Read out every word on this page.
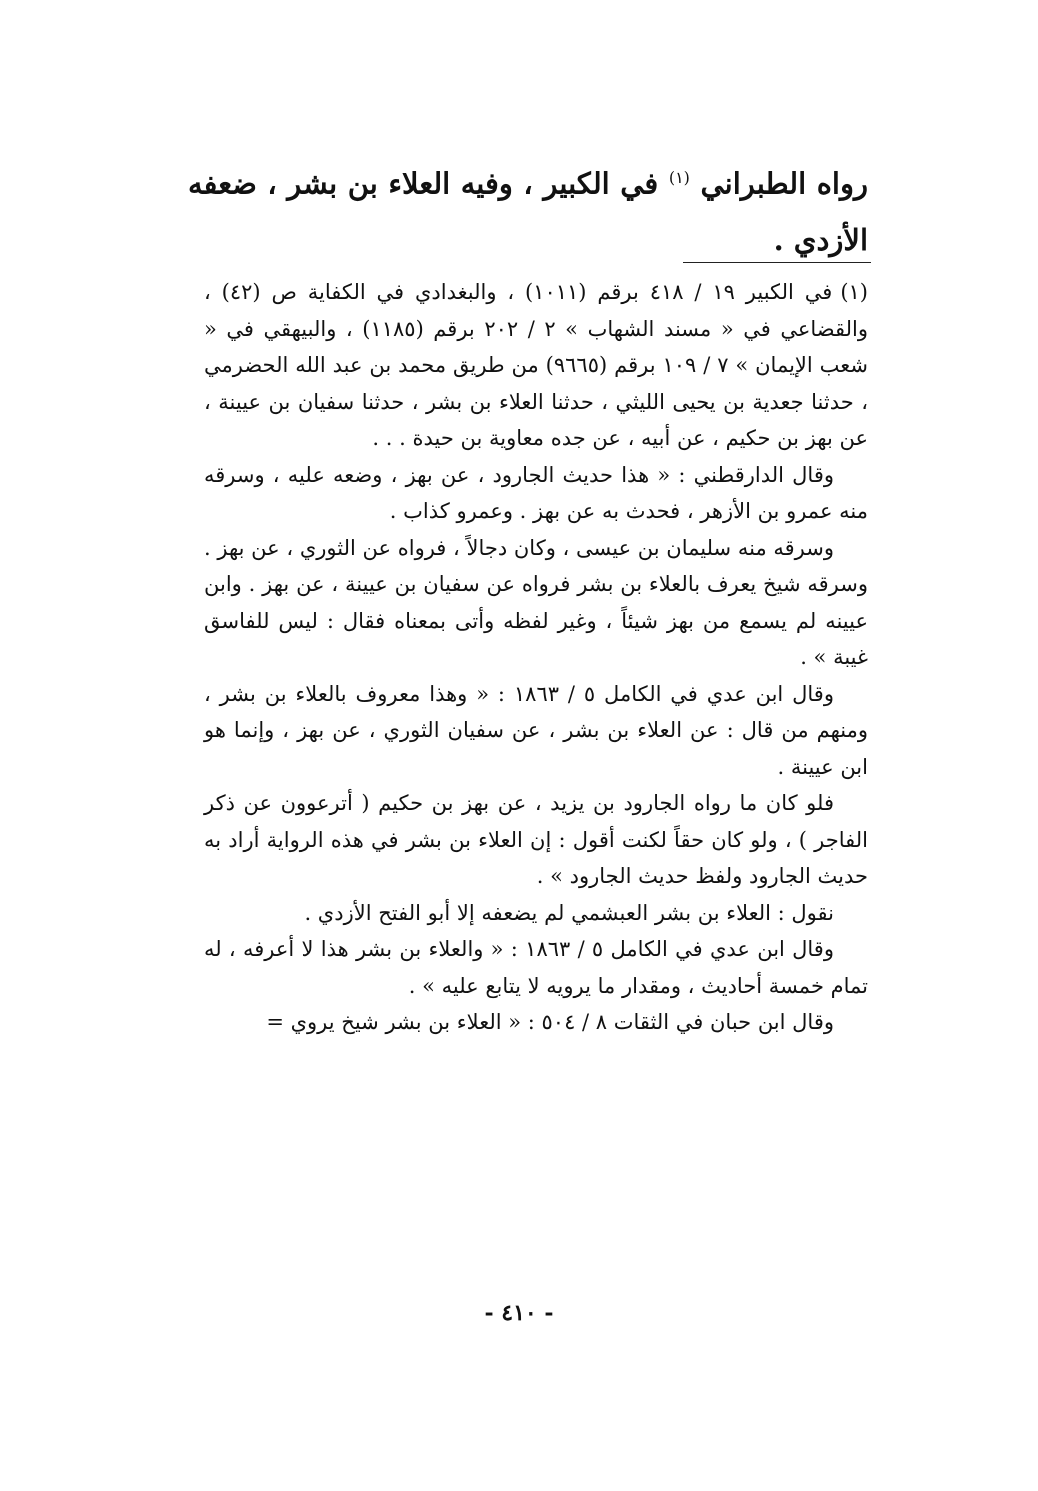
رواه الطبراني $^{(١)}$ في الكبير ، وفيه العلاء بن بشر ، ضعفه الأزدي .

(١)في الكبير ١٩ / ٤١٨ برقم (١٠١١) ، والبغدادي في الكفاية ص (٤٢) ، والقضاعي في « مسند الشهاب » ٢ / ٢٠٢ برقم (١١٨٥) ، والبيهقي في « شعب الإيمان » ٧ / ١٠٩ برقم (٩٦٦٥) من طريق محمد بن عبد الله الحضرمي ، حدثنا جعدية بن يحيى الليثي ، حدثنا العلاء بن بشر ، حدثنا سفيان بن عيينة ، عن بهز بن حكيم ، عن أبيه ، عن جده معاوية بن حيدة . . .

وقال الدارقطني : « هذا حديث الجارود ، عن بهز ، وضعه عليه ، وسرقه منه عمرو بن الأزهر ، فحدث به عن بهز . وعمرو كذاب .

وسرقه منه سليمان بن عيسى ، وكان دجالاً ، فرواه عن الثوري ، عن بهز . وسرقه شيخ يعرف بالعلاء بن بشر فرواه عن سفيان بن عيينة ، عن بهز . وابن عيينه لم يسمع من بهز شيئاً ، وغير لفظه وأتى بمعناه فقال : ليس للفاسق غيبة » .

وقال ابن عدي في الكامل ٥ / ١٨٦٣ : « وهذا معروف بالعلاء بن بشر ، ومنهم من قال : عن العلاء بن بشر ، عن سفيان الثوري ، عن بهز ، وإنما هو ابن عيينة .

فلو كان ما رواه الجارود بن يزيد ، عن بهز بن حكيم ( أترعوون عن ذكر الفاجر ) ، ولو كان حقاً لكنت أقول : إن العلاء بن بشر في هذه الرواية أراد به حديث الجارود ولفظ حديث الجارود » .

نقول : العلاء بن بشر العبشمي لم يضعفه إلا أبو الفتح الأزدي .

وقال ابن عدي في الكامل ٥ / ١٨٦٣ : « والعلاء بن بشر هذا لا أعرفه ، له تمام خمسة أحاديث ، ومقدار ما يرويه لا يتابع عليه » .

وقال ابن حبان في الثقات ٨ / ٥٠٤ : « العلاء بن بشر شيخ يروي =

- ٤١٠ -
